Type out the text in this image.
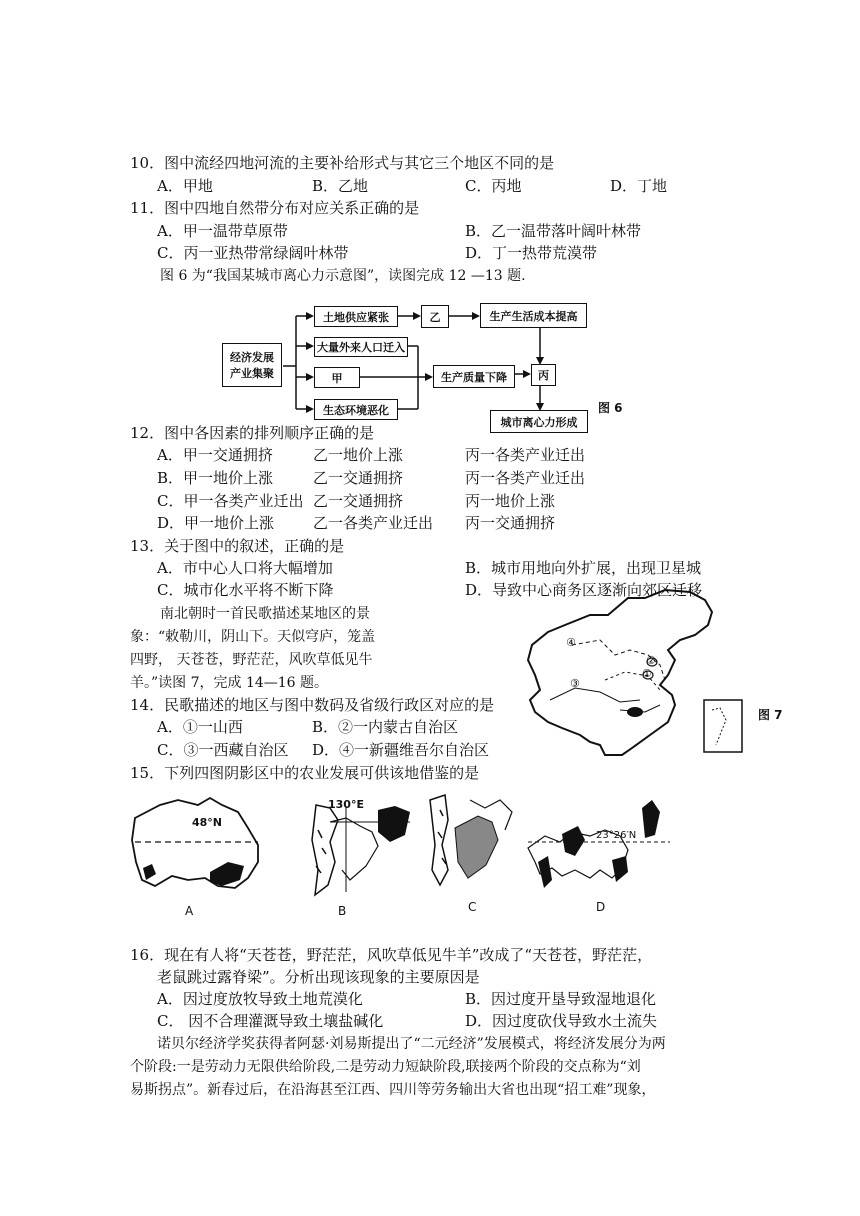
10．图中流经四地河流的主要补给形式与其它三个地区不同的是
A．甲地	B．乙地	C．丙地	D．丁地
11．图中四地自然带分布对应关系正确的是
A．甲一温带草原带	B．乙一温带落叶阔叶林带
C．丙一亚热带常绿阔叶林带	D．丁一热带荒漠带
图 6 为“我国某城市离心力示意图”，读图完成 12 —13 题.
经济发展
产业集聚
土地供应紧张
大量外来人口迁入
甲
生态环境恶化
乙	生产生活成本提高
生产质量下降	丙
城市离心力形成
图 6
12．图中各因素的排列顺序正确的是
A．甲一交通拥挤	乙一地价上涨	丙一各类产业迁出
B．甲一地价上涨	乙一交通拥挤	丙一各类产业迁出
C．甲一各类产业迁出 乙一交通拥挤	丙一地价上涨
D．甲一地价上涨	乙一各类产业迁出 丙一交通拥挤
13．关于图中的叙述，正确的是
A．市中心人口将大幅增加	B．城市用地向外扩展，出现卫星城
C．城市化水平将不断下降	D．导致中心商务区逐渐向郊区迁移
南北朝时一首民歌描述某地区的景
象：“敕勒川，阴山下。天似穹庐，笼盖
四野， 天苍苍，野茫茫，风吹草低见牛
羊。”读图 7，完成 14—16 题。
④
②
①
③
图 7
14．民歌描述的地区与图中数码及省级行政区对应的是
A．①一山西	B．②一内蒙古自治区
C．③一西藏自治区 D．④一新疆维吾尔自治区
15．下列四图阴影区中的农业发展可供该地借鉴的是
48°N
130°E
23°26′N
A	B	C	D
16．现在有人将“天苍苍，野茫茫，风吹草低见牛羊”改成了“天苍苍，野茫茫，
老鼠跳过露脊梁”。分析出现该现象的主要原因是
A．因过度放牧导致土地荒漠化	B．因过度开垦导致湿地退化
C． 因不合理灌溉导致土壤盐碱化	D．因过度砍伐导致水土流失
诺贝尔经济学奖获得者阿瑟·刘易斯提出了“二元经济”发展模式，将经济发展分为两
个阶段:一是劳动力无限供给阶段,二是劳动力短缺阶段,联接两个阶段的交点称为“刘
易斯拐点”。新春过后，在沿海甚至江西、四川等劳务输出大省也出现“招工难”现象，
